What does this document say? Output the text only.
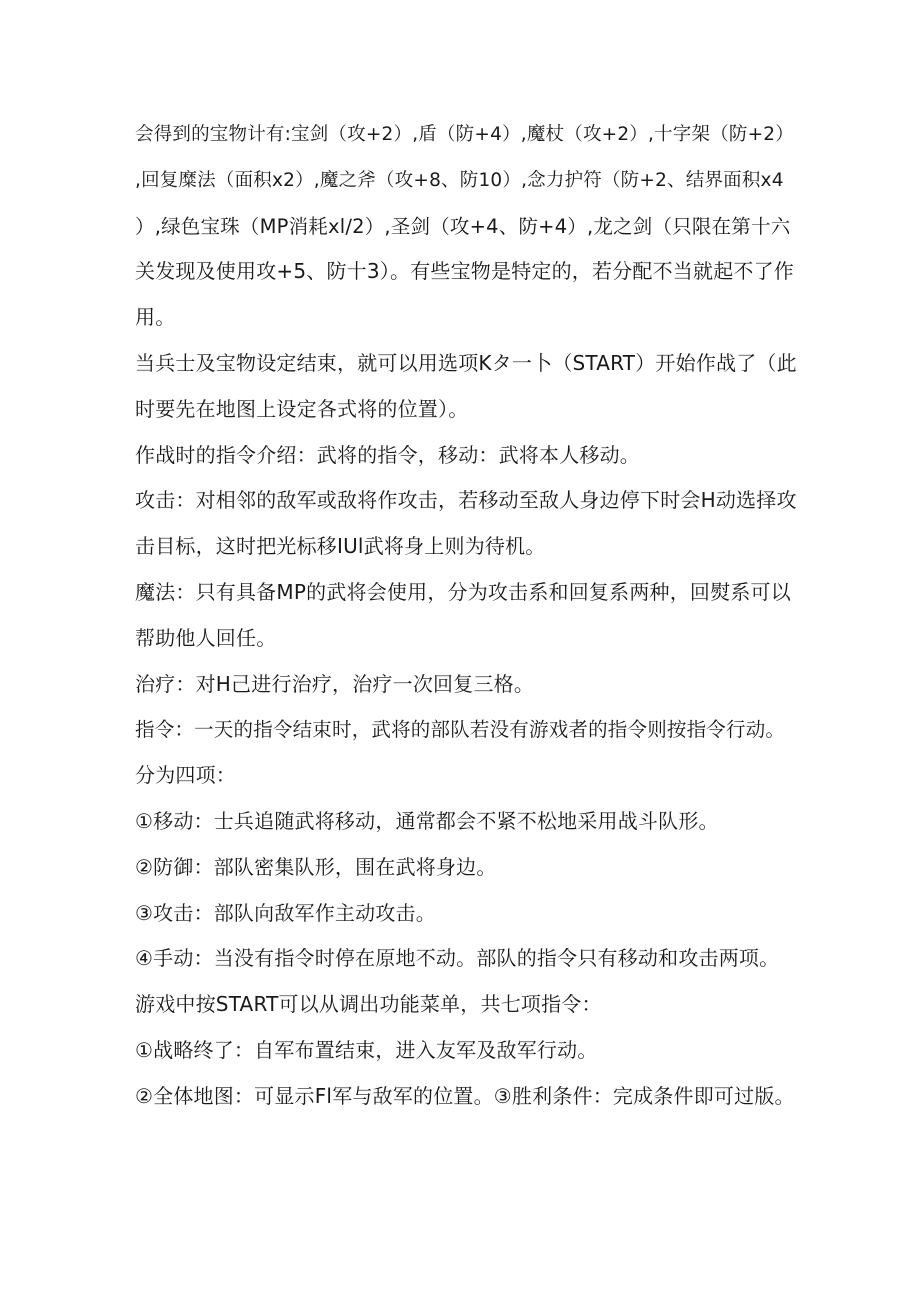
会得到的宝物计有:宝剑（攻+2）,盾（防+4）,魔杖（攻+2）,十字架（防+2）
,回复糜法（面积x2）,魔之斧（攻+8、防10）,念力护符（防+2、结界面积x4
）,绿色宝珠（MP消耗xl∕2）,圣剑（攻+4、防+4）,龙之剑（只限在第十六
关发现及使用攻+5、防十3）。有些宝物是特定的，若分配不当就起不了作
用。
当兵士及宝物设定结束，就可以用选项Kタ一卜（START）开始作战了（此
时要先在地图上设定各式将的位置）。
作战时的指令介绍：武将的指令，移动：武将本人移动。
攻击：对相邻的敌军或敌将作攻击，若移动至敌人身边停下时会H动选择攻
击目标，这时把光标移IUl武将身上则为待机。
魔法：只有具备MP的武将会使用，分为攻击系和回复系两种，回熨系可以
帮助他人回任。
治疗：对H己进行治疗，治疗一次回复三格。
指令：一天的指令结束时，武将的部队若没有游戏者的指令则按指令行动。
分为四项：
①移动：士兵追随武将移动，通常都会不紧不松地采用战斗队形。
②防御：部队密集队形，围在武将身边。
③攻击：部队向敌军作主动攻击。
④手动：当没有指令时停在原地不动。部队的指令只有移动和攻击两项。
游戏中按START可以从调出功能菜单，共七项指令：
①战略终了：自军布置结束，进入友军及敌军行动。
②全体地图：可显示Fl军与敌军的位置。③胜利条件：完成条件即可过版。
